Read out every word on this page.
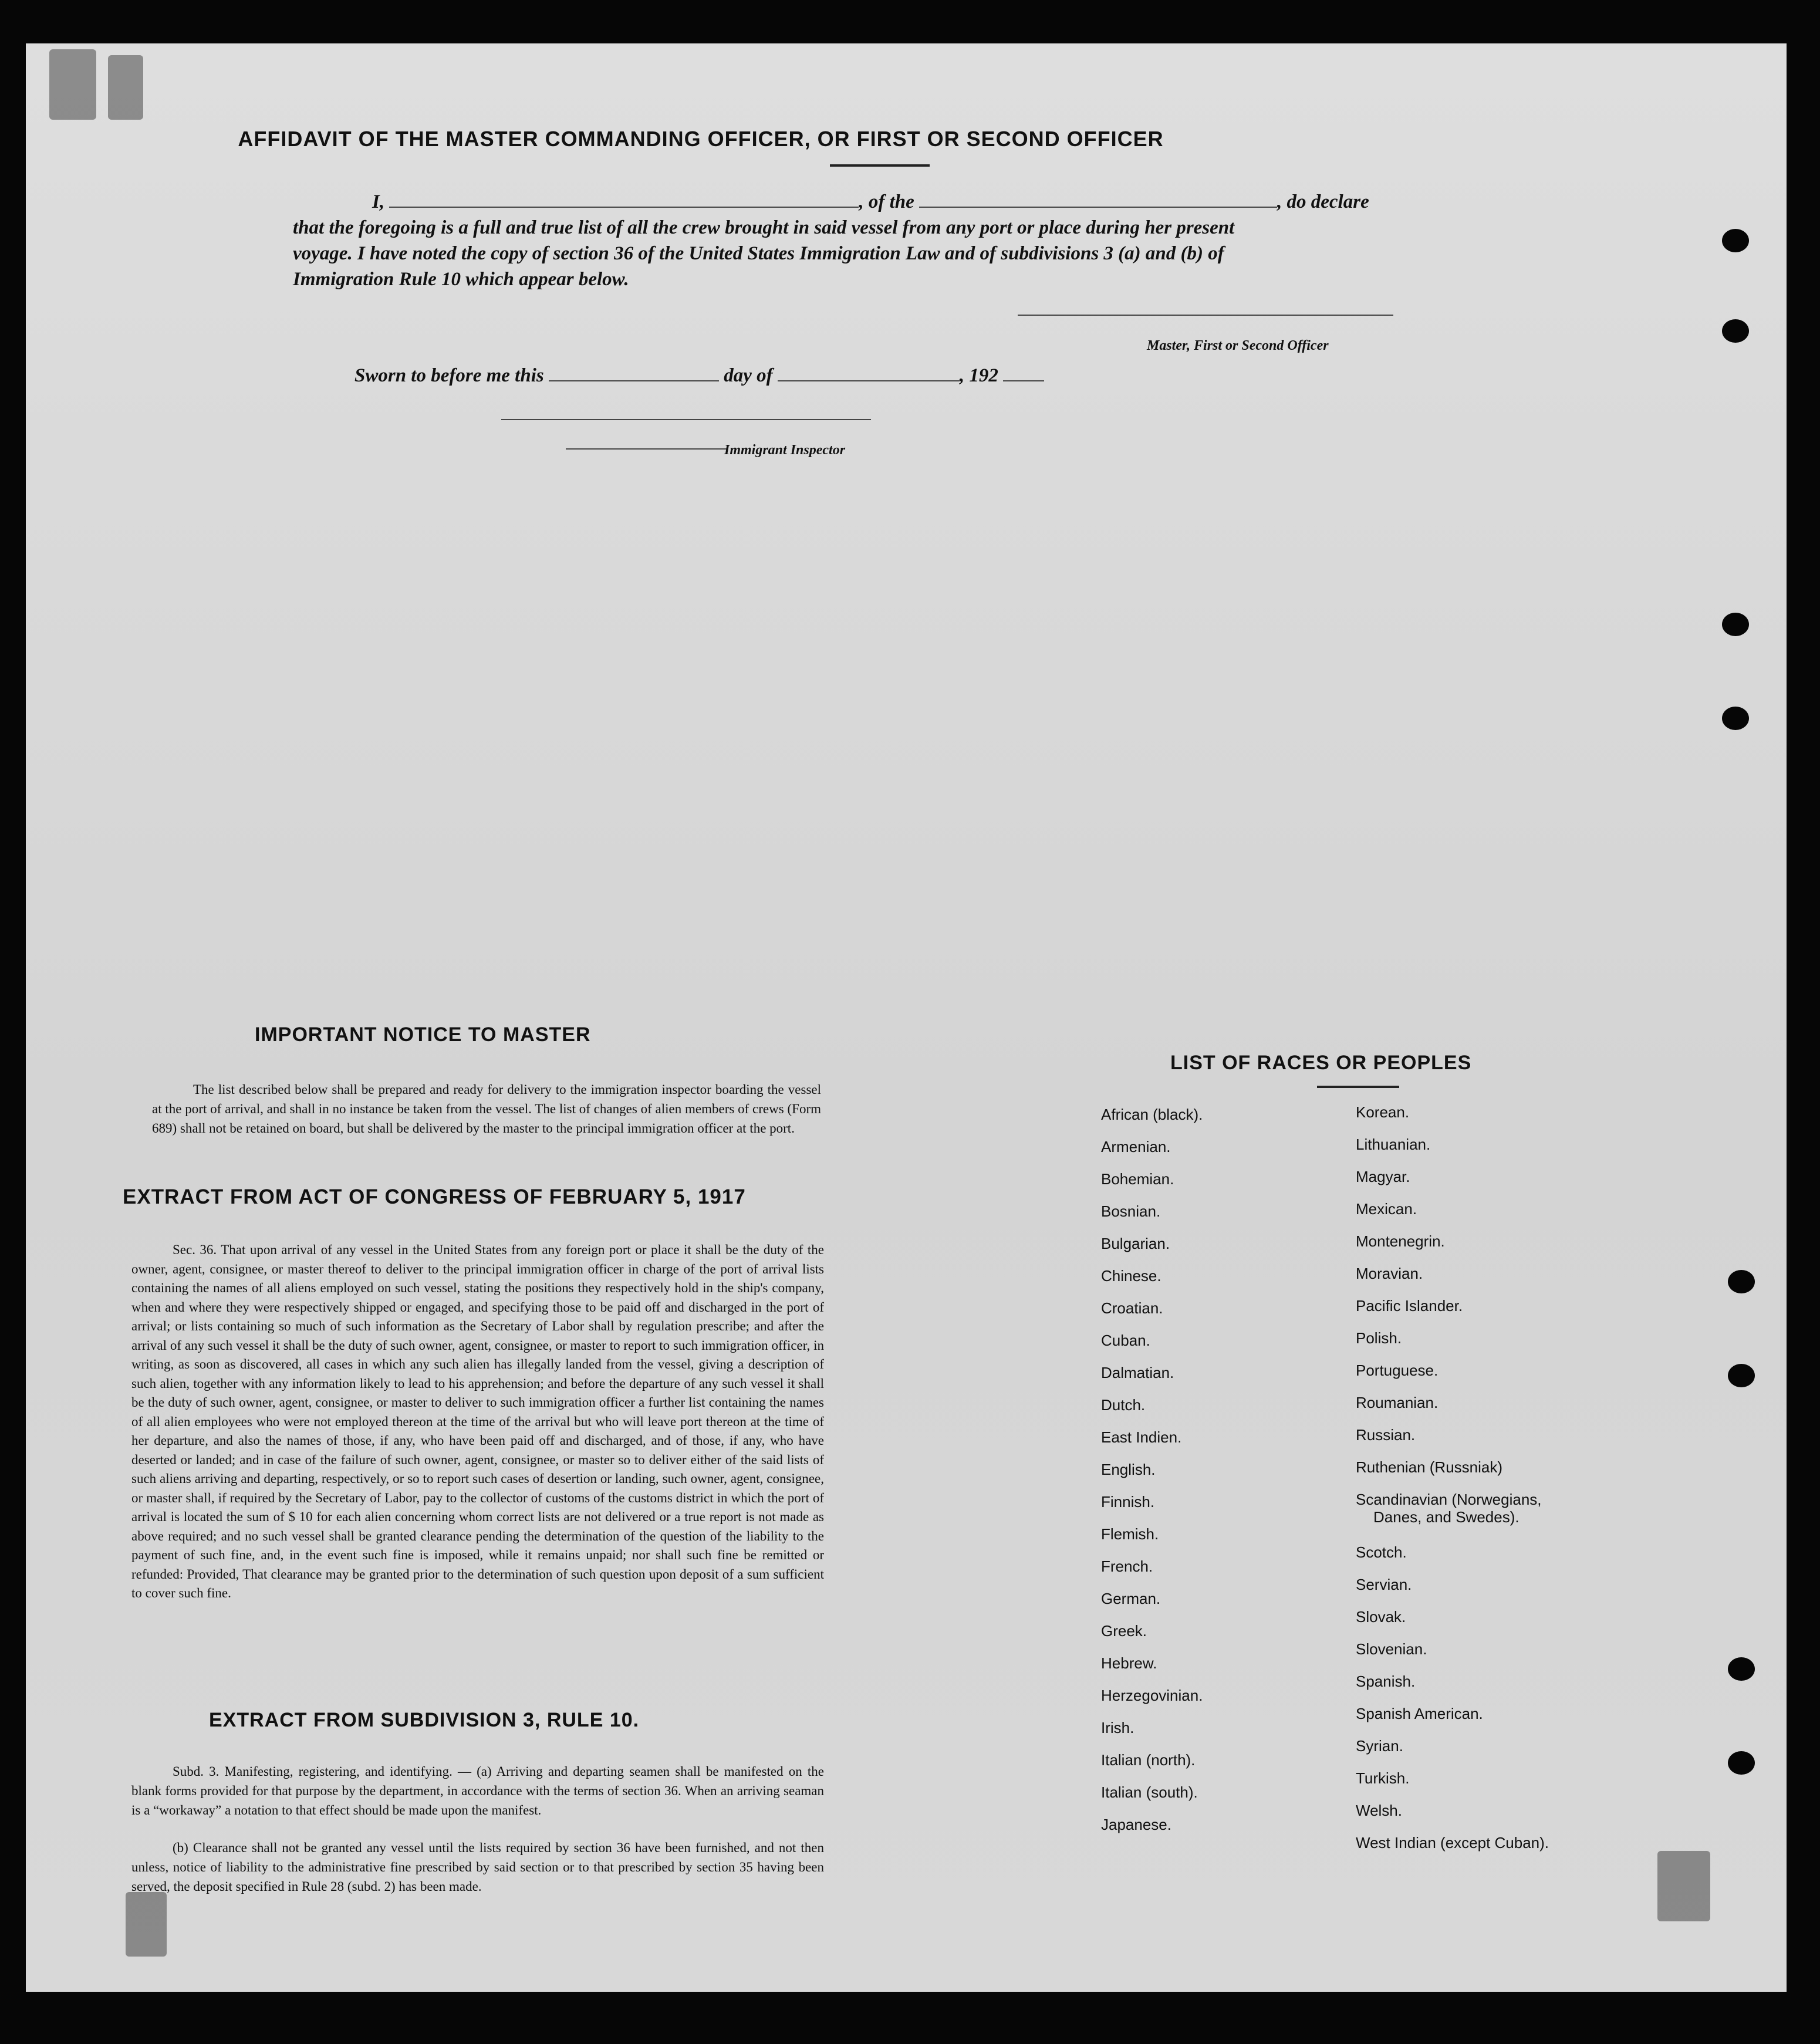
AFFIDAVIT OF THE MASTER COMMANDING OFFICER, OR FIRST OR SECOND OFFICER
I,	, of the	, do declare
that the foregoing is a full and true list of all the crew brought in said vessel from any port or place during her present
voyage. I have noted the copy of section 36 of the United States Immigration Law and of subdivisions 3 (a) and (b) of
Immigration Rule 10 which appear below.
Master, First or Second Officer
Sworn to before me this	day of	, 192
Immigrant Inspector
IMPORTANT NOTICE TO MASTER
The list described below shall be prepared and ready for delivery to the immigration inspector boarding the vessel at the port of arrival, and shall in no instance be taken from the vessel. The list of changes of alien members of crews (Form 689) shall not be retained on board, but shall be delivered by the master to the principal immigration officer at the port.
EXTRACT FROM ACT OF CONGRESS OF FEBRUARY 5, 1917
Sec. 36. That upon arrival of any vessel in the United States from any foreign port or place it shall be the duty of the owner, agent, consignee, or master thereof to deliver to the principal immigration officer in charge of the port of arrival lists containing the names of all aliens employed on such vessel, stating the positions they respectively hold in the ship's company, when and where they were respectively shipped or engaged, and specifying those to be paid off and discharged in the port of arrival; or lists containing so much of such information as the Secretary of Labor shall by regulation prescribe; and after the arrival of any such vessel it shall be the duty of such owner, agent, consignee, or master to report to such immigration officer, in writing, as soon as discovered, all cases in which any such alien has illegally landed from the vessel, giving a description of such alien, together with any information likely to lead to his apprehension; and before the departure of any such vessel it shall be the duty of such owner, agent, consignee, or master to deliver to such immigration officer a further list containing the names of all alien employees who were not employed thereon at the time of the arrival but who will leave port thereon at the time of her departure, and also the names of those, if any, who have been paid off and discharged, and of those, if any, who have deserted or landed; and in case of the failure of such owner, agent, consignee, or master so to deliver either of the said lists of such aliens arriving and departing, respectively, or so to report such cases of desertion or landing, such owner, agent, consignee, or master shall, if required by the Secretary of Labor, pay to the collector of customs of the customs district in which the port of arrival is located the sum of $ 10 for each alien concerning whom correct lists are not delivered or a true report is not made as above required; and no such vessel shall be granted clearance pending the determination of the question of the liability to the payment of such fine, and, in the event such fine is imposed, while it remains unpaid; nor shall such fine be remitted or refunded: Provided, That clearance may be granted prior to the determination of such question upon deposit of a sum sufficient to cover such fine.
EXTRACT FROM SUBDIVISION 3, RULE 10.
Subd. 3. Manifesting, registering, and identifying. — (a) Arriving and departing seamen shall be manifested on the blank forms provided for that purpose by the department, in accordance with the terms of section 36. When an arriving seaman is a “workaway” a notation to that effect should be made upon the manifest.
(b) Clearance shall not be granted any vessel until the lists required by section 36 have been furnished, and not then unless, notice of liability to the administrative fine prescribed by said section or to that prescribed by section 35 having been served, the deposit specified in Rule 28 (subd. 2) has been made.
LIST OF RACES OR PEOPLES
African (black).
Armenian.
Bohemian.
Bosnian.
Bulgarian.
Chinese.
Croatian.
Cuban.
Dalmatian.
Dutch.
East Indien.
English.
Finnish.
Flemish.
French.
German.
Greek.
Hebrew.
Herzegovinian.
Irish.
Italian (north).
Italian (south).
Japanese.
Korean.
Lithuanian.
Magyar.
Mexican.
Montenegrin.
Moravian.
Pacific Islander.
Polish.
Portuguese.
Roumanian.
Russian.
Ruthenian (Russniak)
Scandinavian (Norwegians,
Danes, and Swedes).
Scotch.
Servian.
Slovak.
Slovenian.
Spanish.
Spanish American.
Syrian.
Turkish.
Welsh.
West Indian (except Cuban).
